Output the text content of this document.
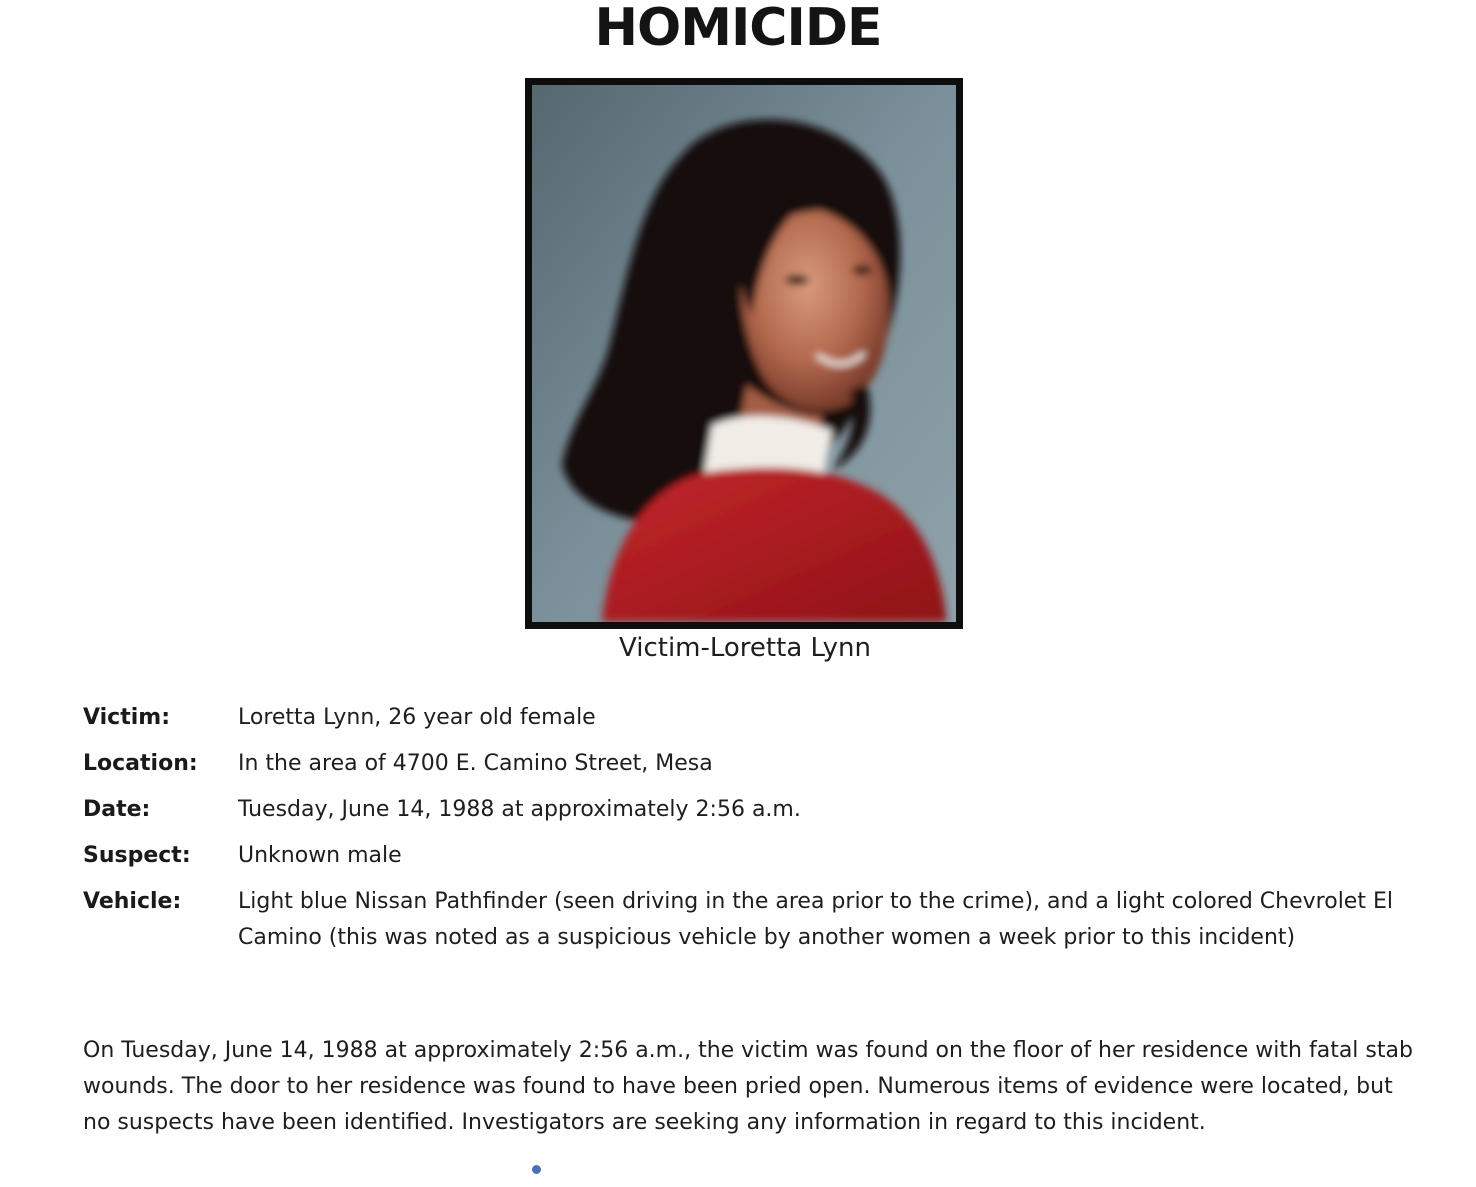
HOMICIDE
Victim-Loretta Lynn
Victim:	Loretta Lynn, 26 year old female
Location:	In the area of 4700 E. Camino Street, Mesa
Date:	Tuesday, June 14, 1988 at approximately 2:56 a.m.
Suspect:	Unknown male
Vehicle:	Light blue Nissan Pathfinder (seen driving in the area prior to the crime), and a light colored Chevrolet El Camino (this was noted as a suspicious vehicle by another women a week prior to this incident)
On Tuesday, June 14, 1988 at approximately 2:56 a.m., the victim was found on the floor of her residence with fatal stab wounds. The door to her residence was found to have been pried open. Numerous items of evidence were located, but no suspects have been identified. Investigators are seeking any information in regard to this incident.
